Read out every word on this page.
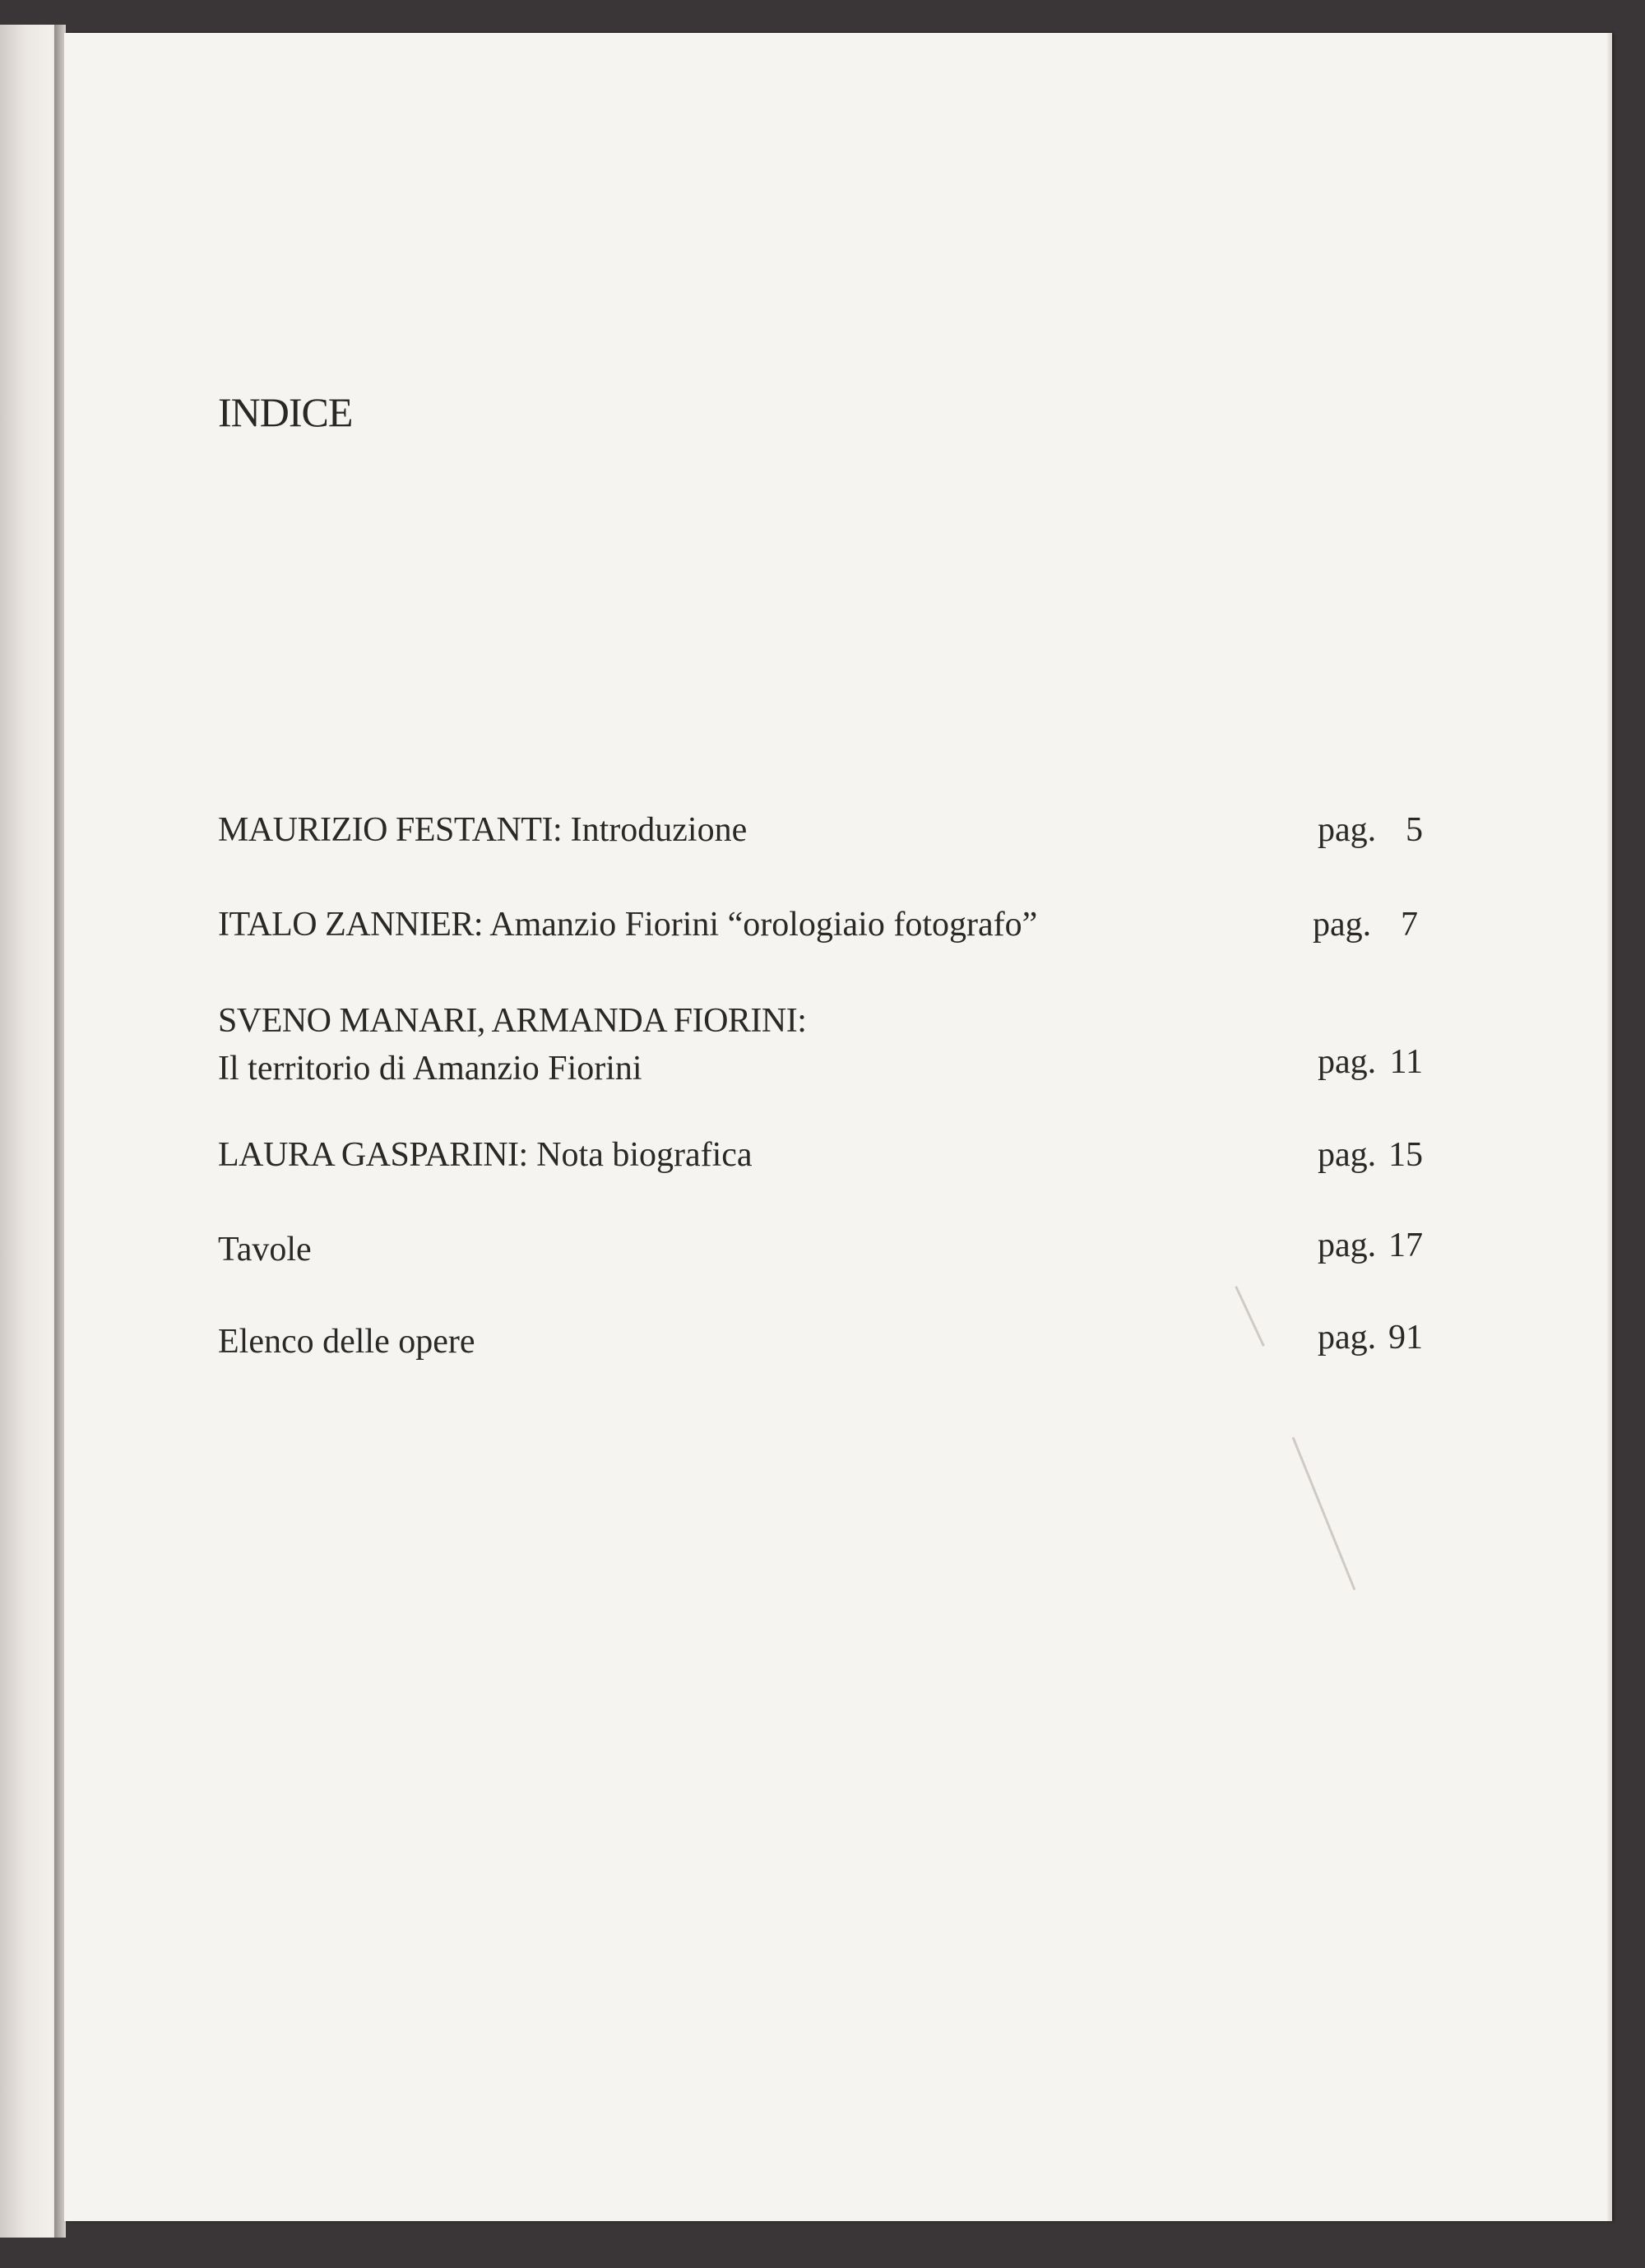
INDICE
MAURIZIO FESTANTI: Introduzione	pag. 5
ITALO ZANNIER: Amanzio Fiorini “orologiaio fotografo”	pag. 7
SVENO MANARI, ARMANDA FIORINI:
Il territorio di Amanzio Fiorini	pag. 11
LAURA GASPARINI: Nota biografica	pag. 15
Tavole	pag. 17
Elenco delle opere	pag. 91
